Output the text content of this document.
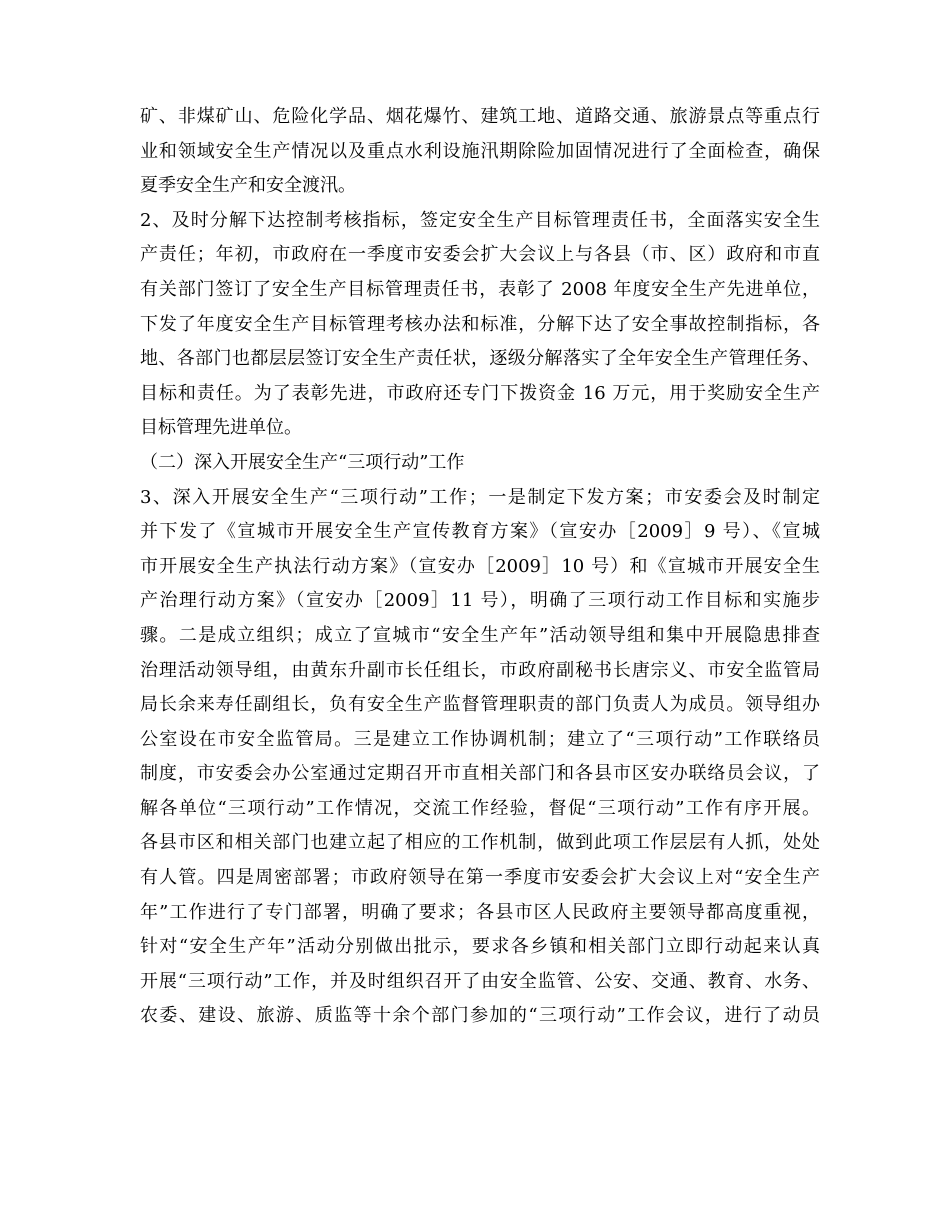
矿、非煤矿山、危险化学品、烟花爆竹、建筑工地、道路交通、旅游景点等重点行
业和领域安全生产情况以及重点水利设施汛期除险加固情况进行了全面检查，确保
夏季安全生产和安全渡汛。
2、及时分解下达控制考核指标，签定安全生产目标管理责任书，全面落实安全生
产责任；年初，市政府在一季度市安委会扩大会议上与各县（市、区）政府和市直
有关部门签订了安全生产目标管理责任书，表彰了 2008 年度安全生产先进单位，
下发了年度安全生产目标管理考核办法和标准，分解下达了安全事故控制指标，各
地、各部门也都层层签订安全生产责任状，逐级分解落实了全年安全生产管理任务、
目标和责任。为了表彰先进，市政府还专门下拨资金 16 万元，用于奖励安全生产
目标管理先进单位。
（二）深入开展安全生产“三项行动”工作
3、深入开展安全生产“三项行动”工作；一是制定下发方案；市安委会及时制定
并下发了《宣城市开展安全生产宣传教育方案》（宣安办［2009］9 号）、《宣城
市开展安全生产执法行动方案》（宣安办［2009］10 号）和《宣城市开展安全生
产治理行动方案》（宣安办［2009］11 号），明确了三项行动工作目标和实施步
骤。二是成立组织；成立了宣城市“安全生产年”活动领导组和集中开展隐患排查
治理活动领导组，由黄东升副市长任组长，市政府副秘书长唐宗义、市安全监管局
局长余来寿任副组长，负有安全生产监督管理职责的部门负责人为成员。领导组办
公室设在市安全监管局。三是建立工作协调机制；建立了“三项行动”工作联络员
制度，市安委会办公室通过定期召开市直相关部门和各县市区安办联络员会议，了
解各单位“三项行动”工作情况，交流工作经验，督促“三项行动”工作有序开展。
各县市区和相关部门也建立起了相应的工作机制，做到此项工作层层有人抓，处处
有人管。四是周密部署；市政府领导在第一季度市安委会扩大会议上对“安全生产
年”工作进行了专门部署，明确了要求；各县市区人民政府主要领导都高度重视，
针对“安全生产年”活动分别做出批示，要求各乡镇和相关部门立即行动起来认真
开展“三项行动”工作，并及时组织召开了由安全监管、公安、交通、教育、水务、
农委、建设、旅游、质监等十余个部门参加的“三项行动”工作会议，进行了动员
